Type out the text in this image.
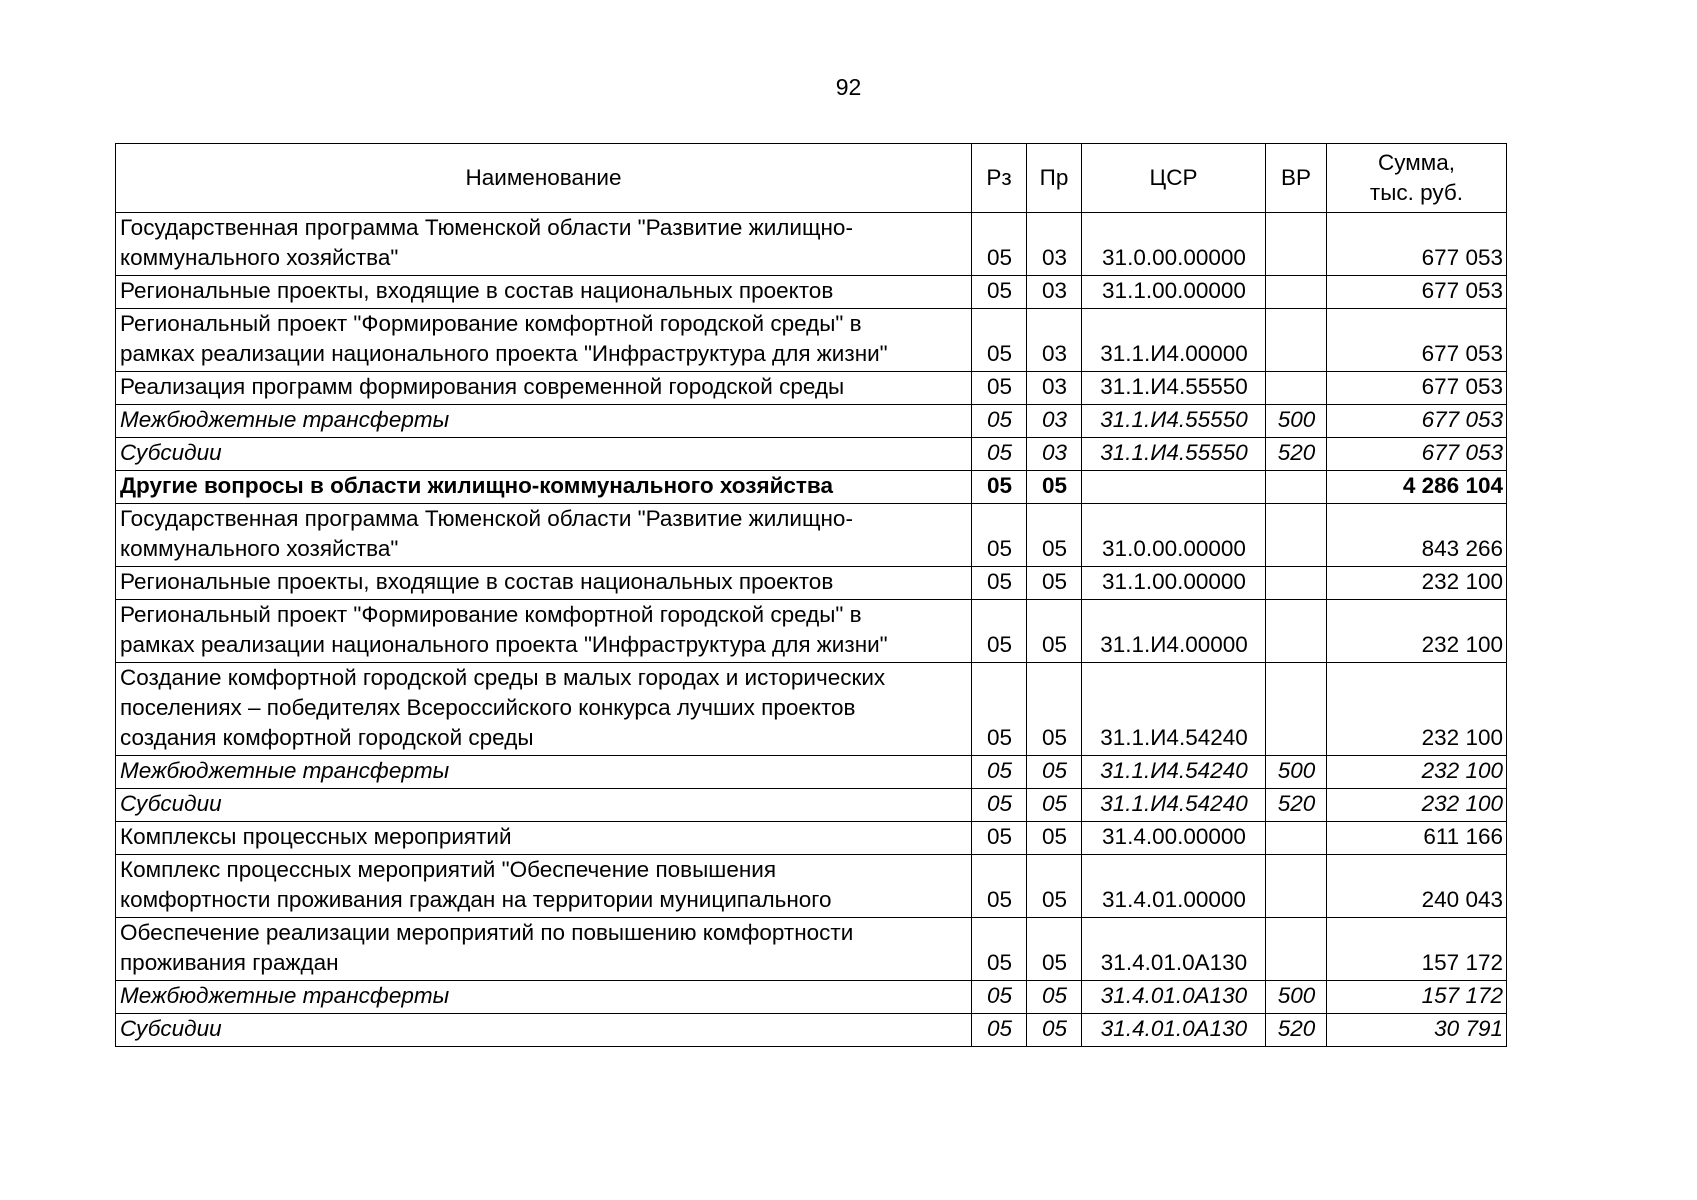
92
Наименование	Рз	Пр	ЦСР	ВР	Сумма,
тыс. руб.

Государственная программа Тюменской области "Развитие жилищно-
коммунального хозяйства"	05	03	31.0.00.00000		677 053

Региональные проекты, входящие в состав национальных проектов	05	03	31.1.00.00000		677 053

Региональный проект "Формирование комфортной городской среды" в
рамках реализации национального проекта "Инфраструктура для жизни"	05	03	31.1.И4.00000		677 053

Реализация программ формирования современной городской среды	05	03	31.1.И4.55550		677 053

Межбюджетные трансферты	05	03	31.1.И4.55550	500	677 053

Субсидии	05	03	31.1.И4.55550	520	677 053

Другие вопросы в области жилищно-коммунального хозяйства	05	05			4 286 104

Государственная программа Тюменской области "Развитие жилищно-
коммунального хозяйства"	05	05	31.0.00.00000		843 266

Региональные проекты, входящие в состав национальных проектов	05	05	31.1.00.00000		232 100

Региональный проект "Формирование комфортной городской среды" в
рамках реализации национального проекта "Инфраструктура для жизни"	05	05	31.1.И4.00000		232 100

Создание комфортной городской среды в малых городах и исторических
поселениях – победителях Всероссийского конкурса лучших проектов
создания комфортной городской среды	05	05	31.1.И4.54240		232 100

Межбюджетные трансферты	05	05	31.1.И4.54240	500	232 100

Субсидии	05	05	31.1.И4.54240	520	232 100

Комплексы процессных мероприятий	05	05	31.4.00.00000		611 166

Комплекс процессных мероприятий "Обеспечение повышения
комфортности проживания граждан на территории муниципального	05	05	31.4.01.00000		240 043

Обеспечение реализации мероприятий по повышению комфортности
проживания граждан	05	05	31.4.01.0А130		157 172

Межбюджетные трансферты	05	05	31.4.01.0А130	500	157 172

Субсидии	05	05	31.4.01.0А130	520	30 791
